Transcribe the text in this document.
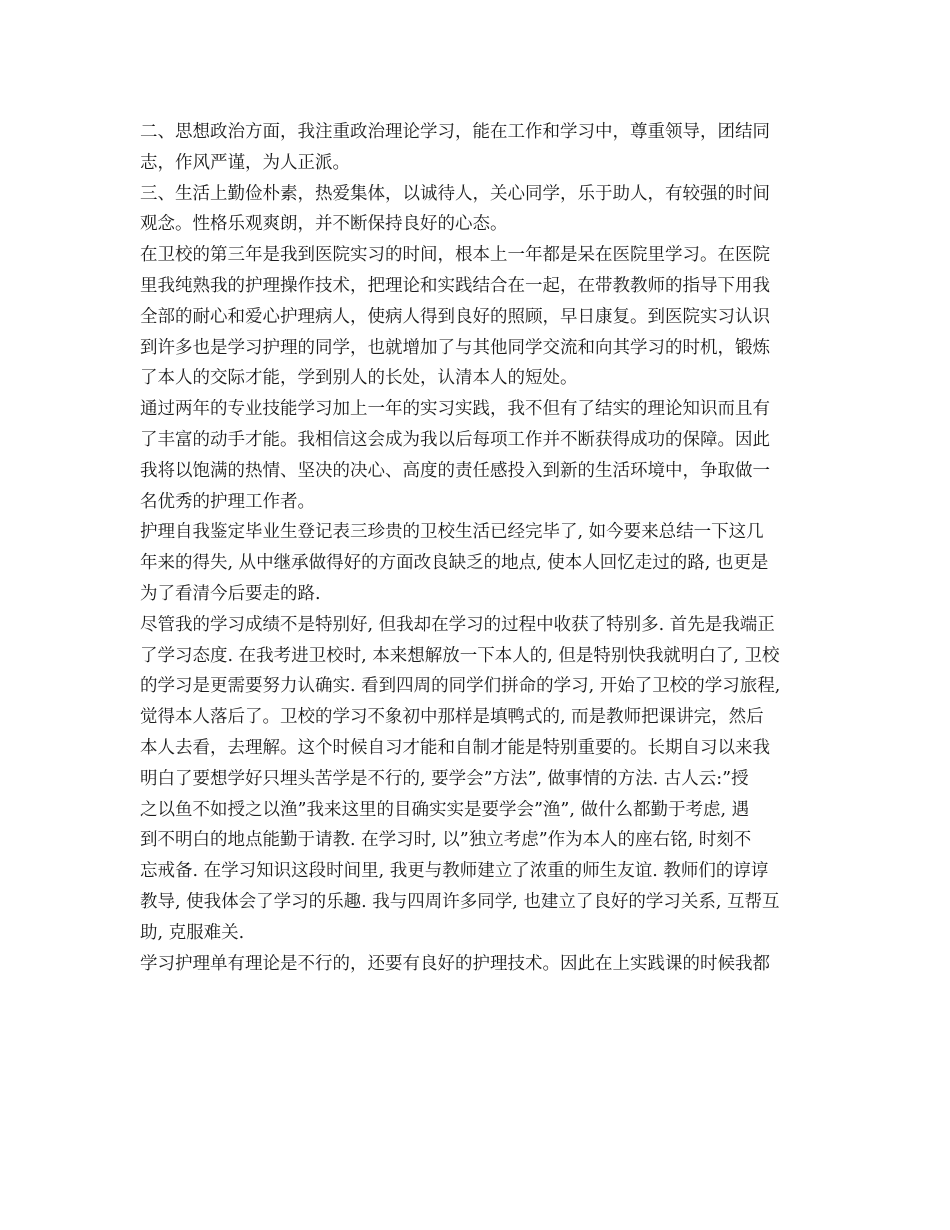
二、思想政治方面，我注重政治理论学习，能在工作和学习中，尊重领导，团结同
志，作风严谨，为人正派。
三、生活上勤俭朴素，热爱集体，以诚待人，关心同学，乐于助人，有较强的时间
观念。性格乐观爽朗，并不断保持良好的心态。
在卫校的第三年是我到医院实习的时间，根本上一年都是呆在医院里学习。在医院
里我纯熟我的护理操作技术，把理论和实践结合在一起，在带教教师的指导下用我
全部的耐心和爱心护理病人，使病人得到良好的照顾，早日康复。到医院实习认识
到许多也是学习护理的同学，也就增加了与其他同学交流和向其学习的时机，锻炼
了本人的交际才能，学到别人的长处，认清本人的短处。
通过两年的专业技能学习加上一年的实习实践，我不但有了结实的理论知识而且有
了丰富的动手才能。我相信这会成为我以后每项工作并不断获得成功的保障。因此
我将以饱满的热情、坚决的决心、高度的责任感投入到新的生活环境中，争取做一
名优秀的护理工作者。
护理自我鉴定毕业生登记表三珍贵的卫校生活已经完毕了, 如今要来总结一下这几
年来的得失, 从中继承做得好的方面改良缺乏的地点, 使本人回忆走过的路, 也更是
为了看清今后要走的路.
尽管我的学习成绩不是特别好, 但我却在学习的过程中收获了特别多. 首先是我端正
了学习态度. 在我考进卫校时, 本来想解放一下本人的, 但是特别快我就明白了, 卫校
的学习是更需要努力认确实. 看到四周的同学们拼命的学习, 开始了卫校的学习旅程,
觉得本人落后了。卫校的学习不象初中那样是填鸭式的, 而是教师把课讲完，然后
本人去看，去理解。这个时候自习才能和自制才能是特别重要的。长期自习以来我
明白了要想学好只埋头苦学是不行的, 要学会”方法”, 做事情的方法. 古人云:”授
之以鱼不如授之以渔”我来这里的目确实实是要学会”渔”, 做什么都勤于考虑, 遇
到不明白的地点能勤于请教. 在学习时, 以”独立考虑”作为本人的座右铭, 时刻不
忘戒备. 在学习知识这段时间里, 我更与教师建立了浓重的师生友谊. 教师们的谆谆
教导, 使我体会了学习的乐趣. 我与四周许多同学, 也建立了良好的学习关系, 互帮互
助, 克服难关.
学习护理单有理论是不行的，还要有良好的护理技术。因此在上实践课的时候我都
